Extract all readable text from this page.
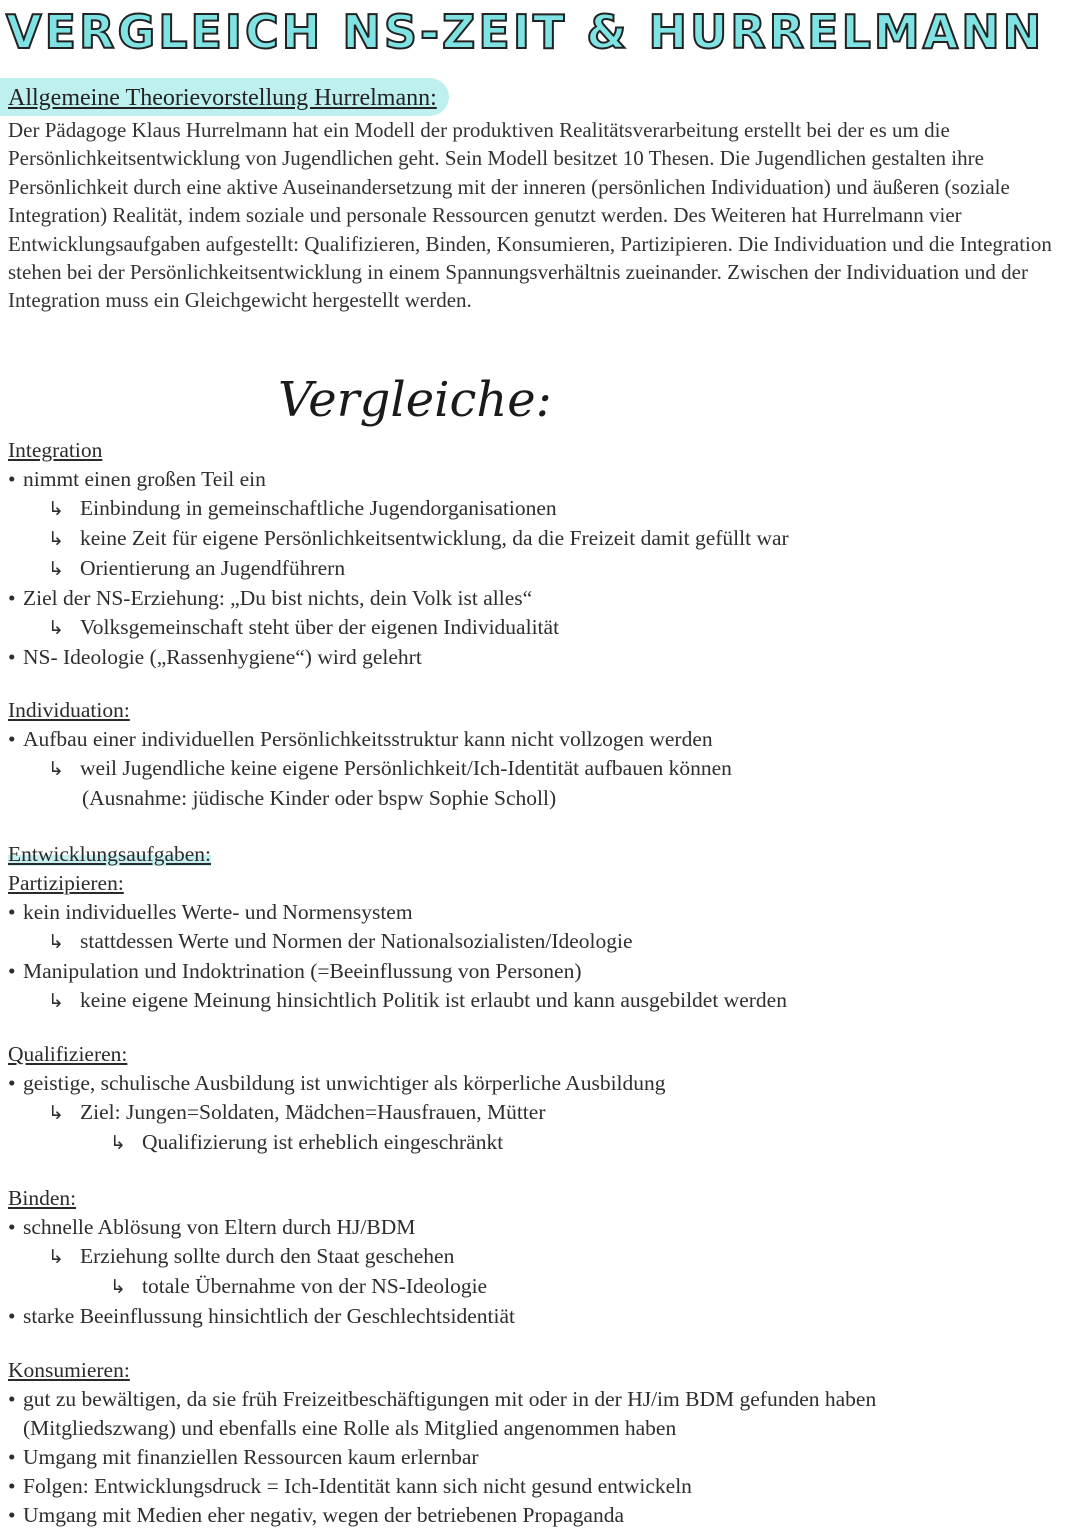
VERGLEICH NS-ZEIT & HURRELMANN
Allgemeine Theorievorstellung Hurrelmann:
Der Pädagoge Klaus Hurrelmann hat ein Modell der produktiven Realitätsverarbeitung erstellt bei der es um die Persönlichkeitsentwicklung von Jugendlichen geht. Sein Modell besitzet 10 Thesen. Die Jugendlichen gestalten ihre Persönlichkeit durch eine aktive Auseinandersetzung mit der inneren (persönlichen Individuation) und äußeren (soziale Integration) Realität, indem soziale und personale Ressourcen genutzt werden. Des Weiteren hat Hurrelmann vier Entwicklungsaufgaben aufgestellt: Qualifizieren, Binden, Konsumieren, Partizipieren. Die Individuation und die Integration stehen bei der Persönlichkeitsentwicklung in einem Spannungsverhältnis zueinander. Zwischen der Individuation und der Integration muss ein Gleichgewicht hergestellt werden.
Vergleiche:
Integration
• nimmt einen großen Teil ein
↳ Einbindung in gemeinschaftliche Jugendorganisationen
↳ keine Zeit für eigene Persönlichkeitsentwicklung, da die Freizeit damit gefüllt war
↳ Orientierung an Jugendführern
• Ziel der NS-Erziehung: „Du bist nichts, dein Volk ist alles“
↳ Volksgemeinschaft steht über der eigenen Individualität
• NS- Ideologie („Rassenhygiene“) wird gelehrt
Individuation:
• Aufbau einer individuellen Persönlichkeitsstruktur kann nicht vollzogen werden
↳ weil Jugendliche keine eigene Persönlichkeit/Ich-Identität aufbauen können
(Ausnahme: jüdische Kinder oder bspw Sophie Scholl)
Entwicklungsaufgaben:
Partizipieren:
• kein individuelles Werte- und Normensystem
↳ stattdessen Werte und Normen der Nationalsozialisten/Ideologie
• Manipulation und Indoktrination (=Beeinflussung von Personen)
↳ keine eigene Meinung hinsichtlich Politik ist erlaubt und kann ausgebildet werden
Qualifizieren:
• geistige, schulische Ausbildung ist unwichtiger als körperliche Ausbildung
↳ Ziel: Jungen=Soldaten, Mädchen=Hausfrauen, Mütter
↳ Qualifizierung ist erheblich eingeschränkt
Binden:
• schnelle Ablösung von Eltern durch HJ/BDM
↳ Erziehung sollte durch den Staat geschehen
↳ totale Übernahme von der NS-Ideologie
• starke Beeinflussung hinsichtlich der Geschlechtsidentiät
Konsumieren:
• gut zu bewältigen, da sie früh Freizeitbeschäftigungen mit oder in der HJ/im BDM gefunden haben
(Mitgliedszwang) und ebenfalls eine Rolle als Mitglied angenommen haben
• Umgang mit finanziellen Ressourcen kaum erlernbar
• Folgen: Entwicklungsdruck = Ich-Identität kann sich nicht gesund entwickeln
• Umgang mit Medien eher negativ, wegen der betriebenen Propaganda
